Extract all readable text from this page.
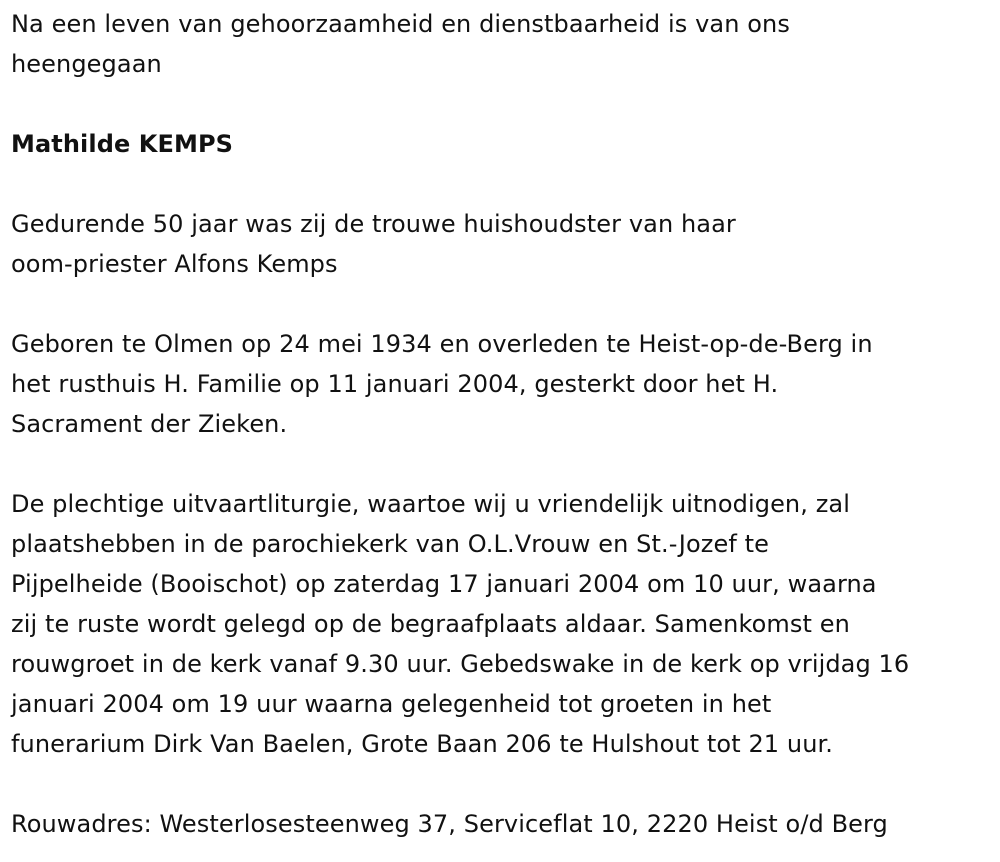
Na een leven van gehoorzaamheid en dienstbaarheid is van ons
heengegaan
Mathilde KEMPS
Gedurende 50 jaar was zij de trouwe huishoudster van haar
oom-priester Alfons Kemps
Geboren te Olmen op 24 mei 1934 en overleden te Heist-op-de-Berg in
het rusthuis H. Familie op 11 januari 2004, gesterkt door het H.
Sacrament der Zieken.
De plechtige uitvaartliturgie, waartoe wij u vriendelijk uitnodigen, zal
plaatshebben in de parochiekerk van O.L.Vrouw en St.-Jozef te
Pijpelheide (Booischot) op zaterdag 17 januari 2004 om 10 uur, waarna
zij te ruste wordt gelegd op de begraafplaats aldaar. Samenkomst en
rouwgroet in de kerk vanaf 9.30 uur. Gebedswake in de kerk op vrijdag 16
januari 2004 om 19 uur waarna gelegenheid tot groeten in het
funerarium Dirk Van Baelen, Grote Baan 206 te Hulshout tot 21 uur.
Rouwadres: Westerlosesteenweg 37, Serviceflat 10, 2220 Heist o/d Berg
